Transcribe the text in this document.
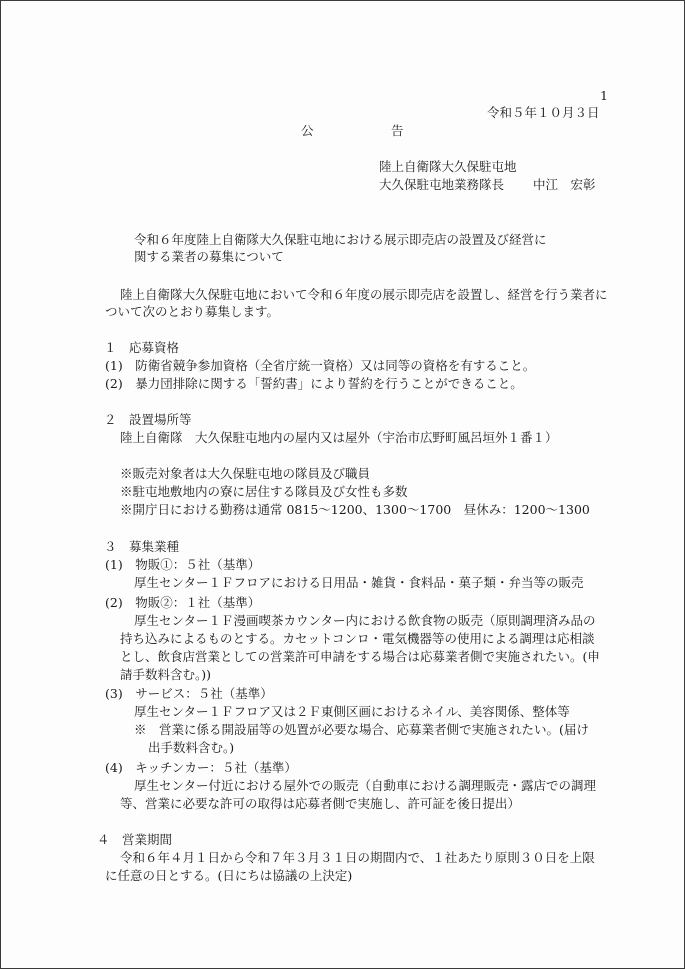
1
令和５年１０月３日
公	告
陸上自衛隊大久保駐屯地
大久保駐屯地業務隊長 中江　宏彰
令和６年度陸上自衛隊大久保駐屯地における展示即売店の設置及び経営に
関する業者の募集について
陸上自衛隊大久保駐屯地において令和６年度の展示即売店を設置し、経営を行う業者に
ついて次のとおり募集します。
１　応募資格
(1)　防衛省競争参加資格（全省庁統一資格）又は同等の資格を有すること。
(2)　暴力団排除に関する「誓約書」により誓約を行うことができること。
２　設置場所等
陸上自衛隊　大久保駐屯地内の屋内又は屋外（宇治市広野町風呂垣外１番１）
※販売対象者は大久保駐屯地の隊員及び職員
※駐屯地敷地内の寮に居住する隊員及び女性も多数
※開庁日における勤務は通常 0815～1200、1300～1700　昼休み：1200～1300
３　募集業種
(1)　物販①：５社（基準）
厚生センター１Ｆフロアにおける日用品・雑貨・食料品・菓子類・弁当等の販売
(2)　物販②：１社（基準）
厚生センター１Ｆ漫画喫茶カウンター内における飲食物の販売（原則調理済み品の
持ち込みによるものとする。カセットコンロ・電気機器等の使用による調理は応相談
とし、飲食店営業としての営業許可申請をする場合は応募業者側で実施されたい。(申
請手数料含む。))
(3)　サービス：５社（基準）
厚生センター１Ｆフロア又は２Ｆ東側区画におけるネイル、美容関係、整体等
※　営業に係る開設届等の処置が必要な場合、応募業者側で実施されたい。(届け
出手数料含む。)
(4)　キッチンカー：５社（基準）
厚生センター付近における屋外での販売（自動車における調理販売・露店での調理
等、営業に必要な許可の取得は応募者側で実施し、許可証を後日提出）
４　営業期間
令和６年４月１日から令和７年３月３１日の期間内で、１社あたり原則３０日を上限
に任意の日とする。(日にちは協議の上決定)
